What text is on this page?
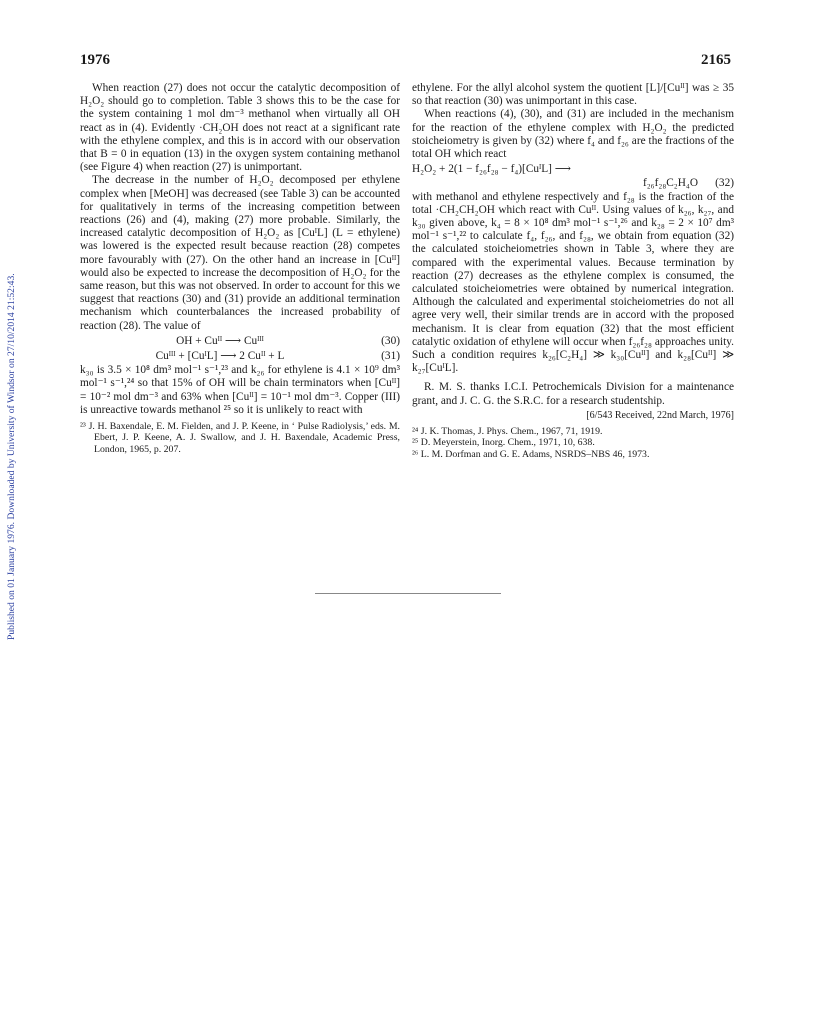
Published on 01 January 1976. Downloaded by University of Windsor on 27/10/2014 21:52:43.
1976	2165

When reaction (27) does not occur the catalytic decomposition of H₂O₂ should go to completion. Table 3 shows this to be the case for the system containing 1 mol dm⁻³ methanol when virtually all OH react as in (4). Evidently ·CH₂OH does not react at a significant rate with the ethylene complex, and this is in accord with our observation that B = 0 in equation (13) in the oxygen system containing methanol (see Figure 4) when reaction (27) is unimportant.

The decrease in the number of H₂O₂ decomposed per ethylene complex when [MeOH] was decreased (see Table 3) can be accounted for qualitatively in terms of the increasing competition between reactions (26) and (4), making (27) more probable. Similarly, the increased catalytic decomposition of H₂O₂ as [CuᴵL] (L = ethylene) was lowered is the expected result because reaction (28) competes more favourably with (27). On the other hand an increase in [Cuᴵᴵ] would also be expected to increase the decomposition of H₂O₂ for the same reason, but this was not observed. In order to account for this we suggest that reactions (30) and (31) provide an additional termination mechanism which counterbalances the increased probability of reaction (28). The value of

OH + Cuᴵᴵ ⟶ Cuᴵᴵᴵ	(30)
Cuᴵᴵᴵ + [CuᴵL] ⟶ 2 Cuᴵᴵ + L	(31)

k₃₀ is 3.5 × 10⁸ dm³ mol⁻¹ s⁻¹,²³ and k₂₆ for ethylene is 4.1 × 10⁹ dm³ mol⁻¹ s⁻¹,²⁴ so that 15% of OH will be chain terminators when [Cuᴵᴵ] = 10⁻² mol dm⁻³ and 63% when [Cuᴵᴵ] = 10⁻¹ mol dm⁻³. Copper (III) is unreactive towards methanol ²⁵ so it is unlikely to react with

²³ J. H. Baxendale, E. M. Fielden, and J. P. Keene, in ‘ Pulse Radiolysis,’ eds. M. Ebert, J. P. Keene, A. J. Swallow, and J. H. Baxendale, Academic Press, London, 1965, p. 207.

ethylene. For the allyl alcohol system the quotient [L]/[Cuᴵᴵ] was ≥ 35 so that reaction (30) was unimportant in this case.

When reactions (4), (30), and (31) are included in the mechanism for the reaction of the ethylene complex with H₂O₂ the predicted stoicheiometry is given by (32) where f₄ and f₂₆ are the fractions of the total OH which react

H₂O₂ + 2(1 − f₂₆f₂₈ − f₄)[CuᴵL] ⟶
f₂₆f₂₈C₂H₄O	(32)

with methanol and ethylene respectively and f₂₈ is the fraction of the total ·CH₂CH₂OH which react with Cuᴵᴵ. Using values of k₂₆, k₂₇, and k₃₀ given above, k₄ = 8 × 10⁸ dm³ mol⁻¹ s⁻¹,²⁶ and k₂₈ = 2 × 10⁷ dm³ mol⁻¹ s⁻¹,²² to calculate f₄, f₂₆, and f₂₈, we obtain from equation (32) the calculated stoicheiometries shown in Table 3, where they are compared with the experimental values. Because termination by reaction (27) decreases as the ethylene complex is consumed, the calculated stoicheiometries were obtained by numerical integration. Although the calculated and experimental stoicheiometries do not all agree very well, their similar trends are in accord with the proposed mechanism. It is clear from equation (32) that the most efficient catalytic oxidation of ethylene will occur when f₂₆f₂₈ approaches unity. Such a condition requires k₂₆[C₂H₄] ≫ k₃₀[Cuᴵᴵ] and k₂₈[Cuᴵᴵ] ≫ k₂₇[CuᴵL].

R. M. S. thanks I.C.I. Petrochemicals Division for a maintenance grant, and J. C. G. the S.R.C. for a research studentship.

[6/543 Received, 22nd March, 1976]
²⁴ J. K. Thomas, J. Phys. Chem., 1967, 71, 1919.
²⁵ D. Meyerstein, Inorg. Chem., 1971, 10, 638.
²⁶ L. M. Dorfman and G. E. Adams, NSRDS–NBS 46, 1973.
